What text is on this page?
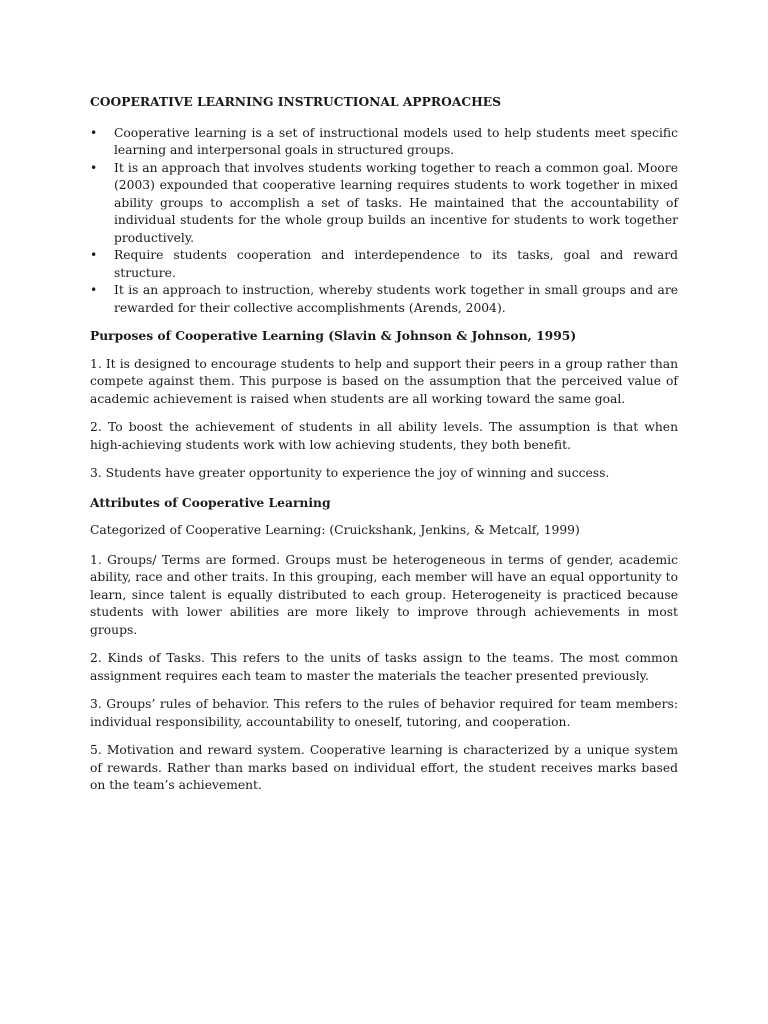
COOPERATIVE LEARNING INSTRUCTIONAL APPROACHES

• Cooperative learning is a set of instructional models used to help students meet specific learning and interpersonal goals in structured groups.
• It is an approach that involves students working together to reach a common goal. Moore (2003) expounded that cooperative learning requires students to work together in mixed ability groups to accomplish a set of tasks. He maintained that the accountability of individual students for the whole group builds an incentive for students to work together productively.
• Require students cooperation and interdependence to its tasks, goal and reward structure.
• It is an approach to instruction, whereby students work together in small groups and are rewarded for their collective accomplishments (Arends, 2004).

Purposes of Cooperative Learning (Slavin & Johnson & Johnson, 1995)

1. It is designed to encourage students to help and support their peers in a group rather than compete against them. This purpose is based on the assumption that the perceived value of academic achievement is raised when students are all working toward the same goal.

2. To boost the achievement of students in all ability levels. The assumption is that when high-achieving students work with low achieving students, they both benefit.

3. Students have greater opportunity to experience the joy of winning and success.

Attributes of Cooperative Learning

Categorized of Cooperative Learning: (Cruickshank, Jenkins, & Metcalf, 1999)

1. Groups/ Terms are formed. Groups must be heterogeneous in terms of gender, academic ability, race and other traits. In this grouping, each member will have an equal opportunity to learn, since talent is equally distributed to each group. Heterogeneity is practiced because students with lower abilities are more likely to improve through achievements in most groups.

2. Kinds of Tasks. This refers to the units of tasks assign to the teams. The most common assignment requires each team to master the materials the teacher presented previously.

3. Groups’ rules of behavior. This refers to the rules of behavior required for team members: individual responsibility, accountability to oneself, tutoring, and cooperation.

5. Motivation and reward system. Cooperative learning is characterized by a unique system of rewards. Rather than marks based on individual effort, the student receives marks based on the team’s achievement.
